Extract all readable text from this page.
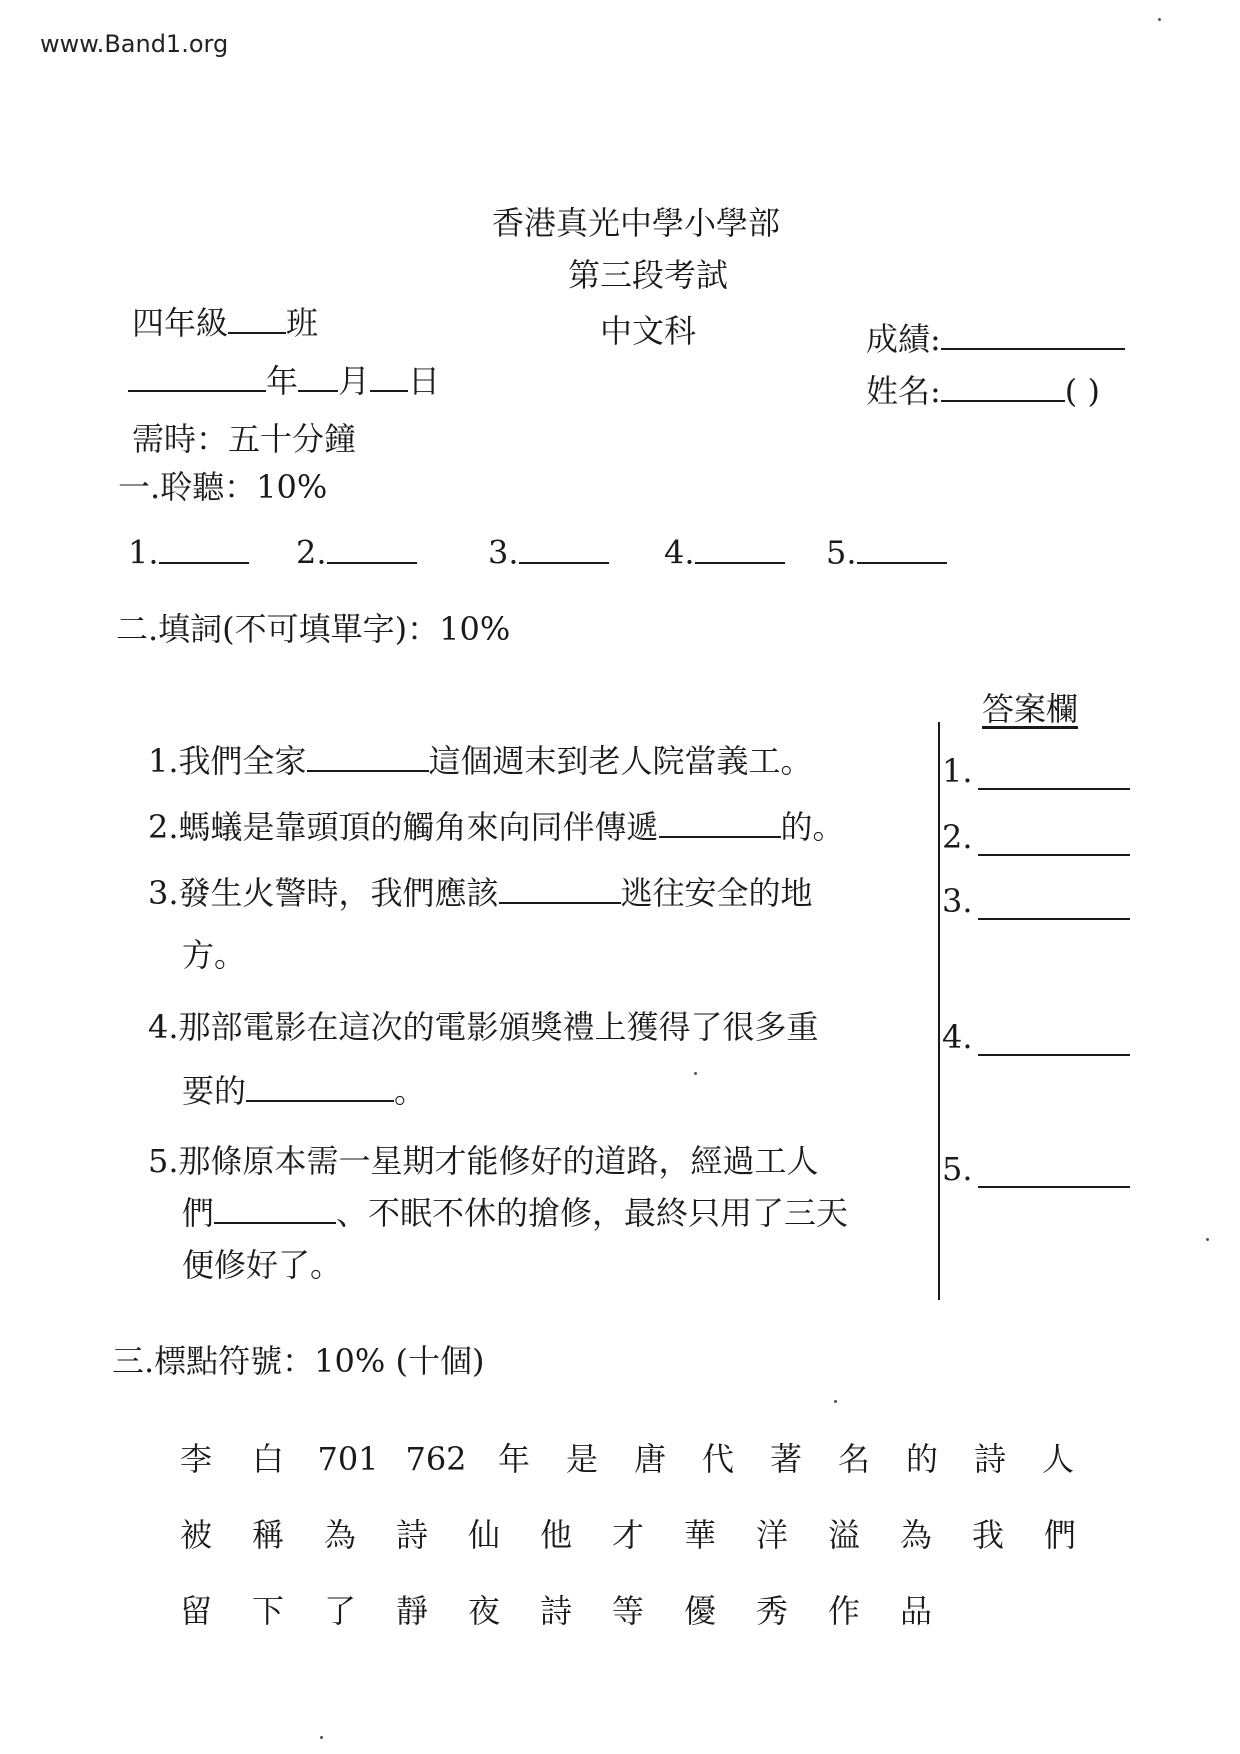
www.Band1.org
香港真光中學小學部
第三段考試
四年級 班	中文科	成績:
年 月 日	姓名:	( )
需時：五十分鐘
一.聆聽：10%
1.	2.	3.	4.	5.
二.填詞(不可填單字)：10%
答案欄
1.我們全家	這個週末到老人院當義工。
2.螞蟻是靠頭頂的觸角來向同伴傳遞	的。
3.發生火警時，我們應該	逃往安全的地
方。
4.那部電影在這次的電影頒獎禮上獲得了很多重
要的	。
5.那條原本需一星期才能修好的道路，經過工人
們	、不眠不休的搶修，最終只用了三天
便修好了。
1.
2.
3.
4.
5.
三.標點符號：10% (十個)
李 白 701 762 年 是 唐 代 著 名 的 詩 人
被 稱 為 詩 仙 他 才 華 洋 溢 為 我 們
留 下 了 靜 夜 詩 等 優 秀 作 品
